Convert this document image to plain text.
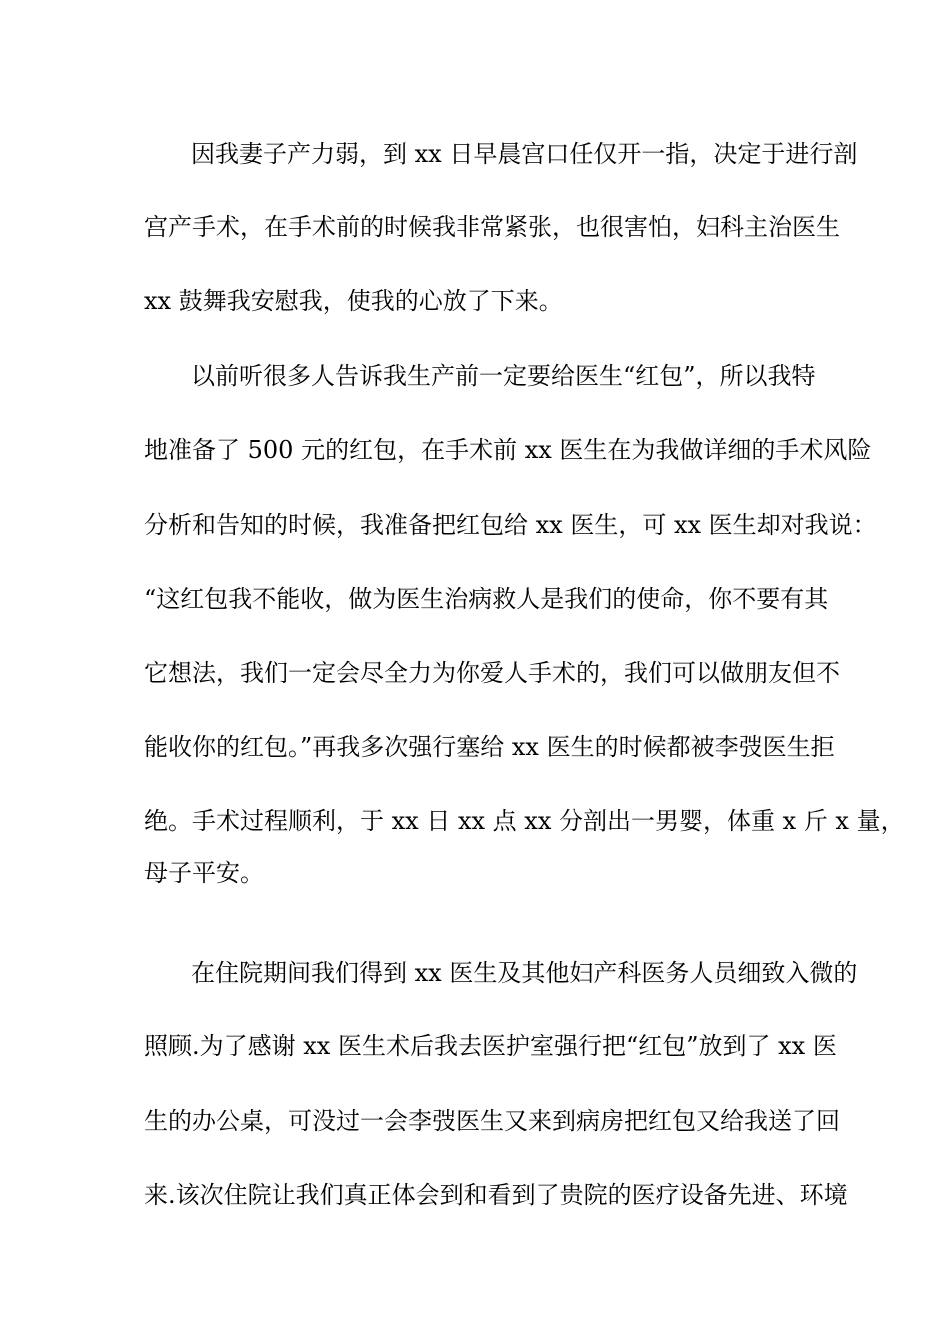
因我妻子产力弱，到 xx 日早晨宫口任仅开一指，决定于进行剖

宫产手术，在手术前的时候我非常紧张，也很害怕，妇科主治医生

xx 鼓舞我安慰我，使我的心放了下来。

以前听很多人告诉我生产前一定要给医生“红包”，所以我特

地准备了 500 元的红包，在手术前 xx 医生在为我做详细的手术风险

分析和告知的时候，我准备把红包给 xx 医生，可 xx 医生却对我说：

“这红包我不能收，做为医生治病救人是我们的使命，你不要有其

它想法，我们一定会尽全力为你爱人手术的，我们可以做朋友但不

能收你的红包。”再我多次强行塞给 xx 医生的时候都被李弢医生拒

绝。手术过程顺利，于 xx 日 xx 点 xx 分剖出一男婴，体重 x 斤 x 量，

母子平安。

在住院期间我们得到 xx 医生及其他妇产科医务人员细致入微的

照顾.为了感谢 xx 医生术后我去医护室强行把“红包”放到了 xx 医

生的办公桌，可没过一会李弢医生又来到病房把红包又给我送了回

来.该次住院让我们真正体会到和看到了贵院的医疗设备先进、环境
